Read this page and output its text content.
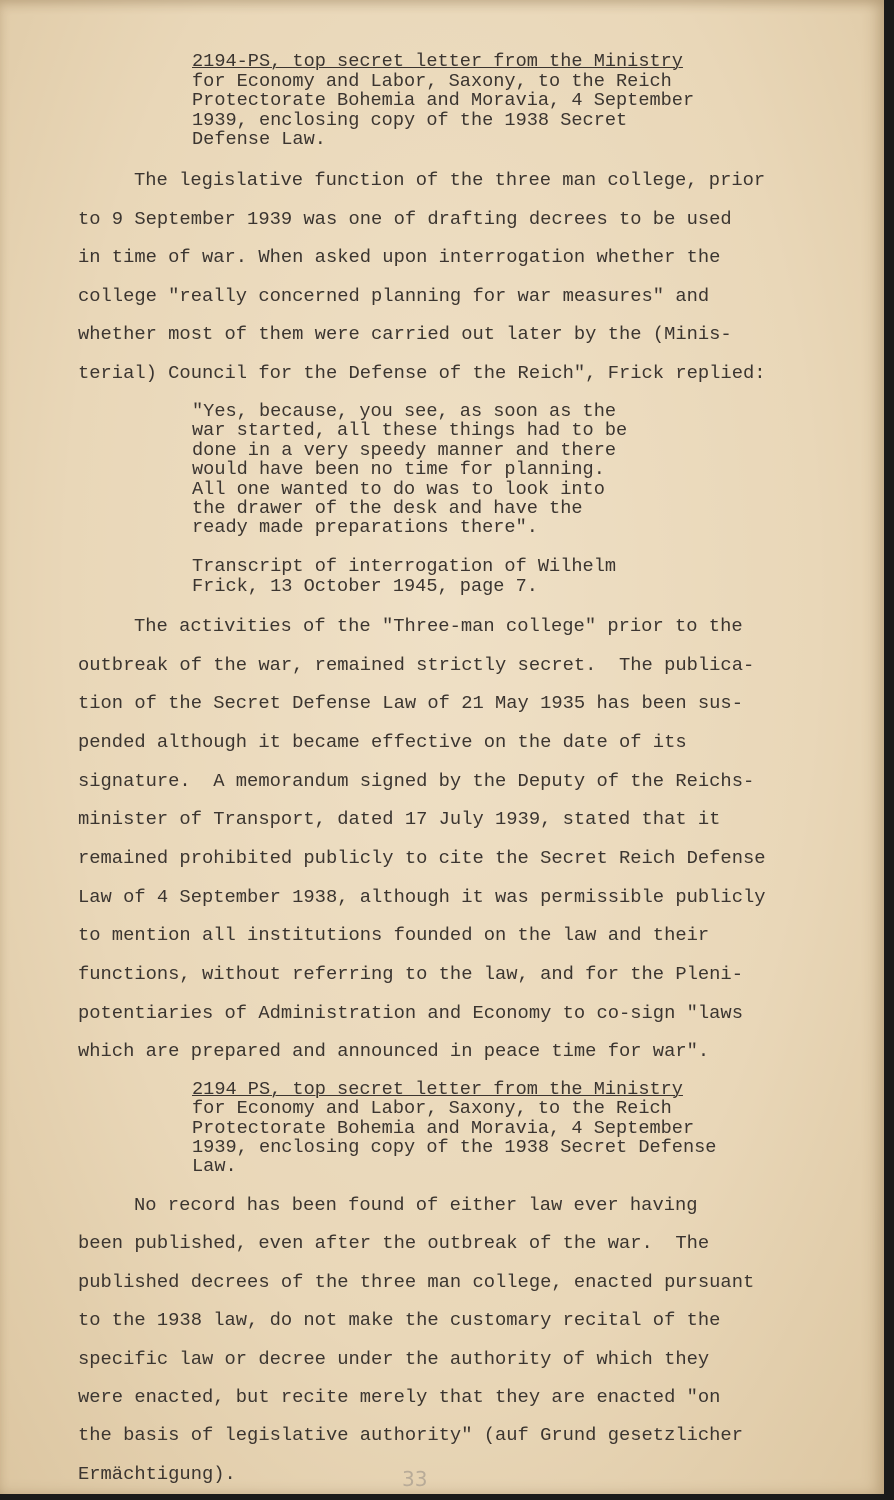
2194-PS, top secret letter from the Ministry
for Economy and Labor, Saxony, to the Reich
Protectorate Bohemia and Moravia, 4 September
1939, enclosing copy of the 1938 Secret
Defense Law.
The legislative function of the three man college, prior
to 9 September 1939 was one of drafting decrees to be used
in time of war. When asked upon interrogation whether the
college "really concerned planning for war measures" and
whether most of them were carried out later by the (Minis-
terial) Council for the Defense of the Reich", Frick replied:
"Yes, because, you see, as soon as the
war started, all these things had to be
done in a very speedy manner and there
would have been no time for planning.
All one wanted to do was to look into
the drawer of the desk and have the
ready made preparations there".
Transcript of interrogation of Wilhelm
Frick, 13 October 1945, page 7.
The activities of the "Three-man college" prior to the
outbreak of the war, remained strictly secret.  The publica-
tion of the Secret Defense Law of 21 May 1935 has been sus-
pended although it became effective on the date of its
signature.  A memorandum signed by the Deputy of the Reichs-
minister of Transport, dated 17 July 1939, stated that it
remained prohibited publicly to cite the Secret Reich Defense
Law of 4 September 1938, although it was permissible publicly
to mention all institutions founded on the law and their
functions, without referring to the law, and for the Pleni-
potentiaries of Administration and Economy to co-sign "laws
which are prepared and announced in peace time for war".
2194 PS, top secret letter from the Ministry
for Economy and Labor, Saxony, to the Reich
Protectorate Bohemia and Moravia, 4 September
1939, enclosing copy of the 1938 Secret Defense
Law.
No record has been found of either law ever having
been published, even after the outbreak of the war.  The
published decrees of the three man college, enacted pursuant
to the 1938 law, do not make the customary recital of the
specific law or decree under the authority of which they
were enacted, but recite merely that they are enacted "on
the basis of legislative authority" (auf Grund gesetzlicher
Ermächtigung).	33
